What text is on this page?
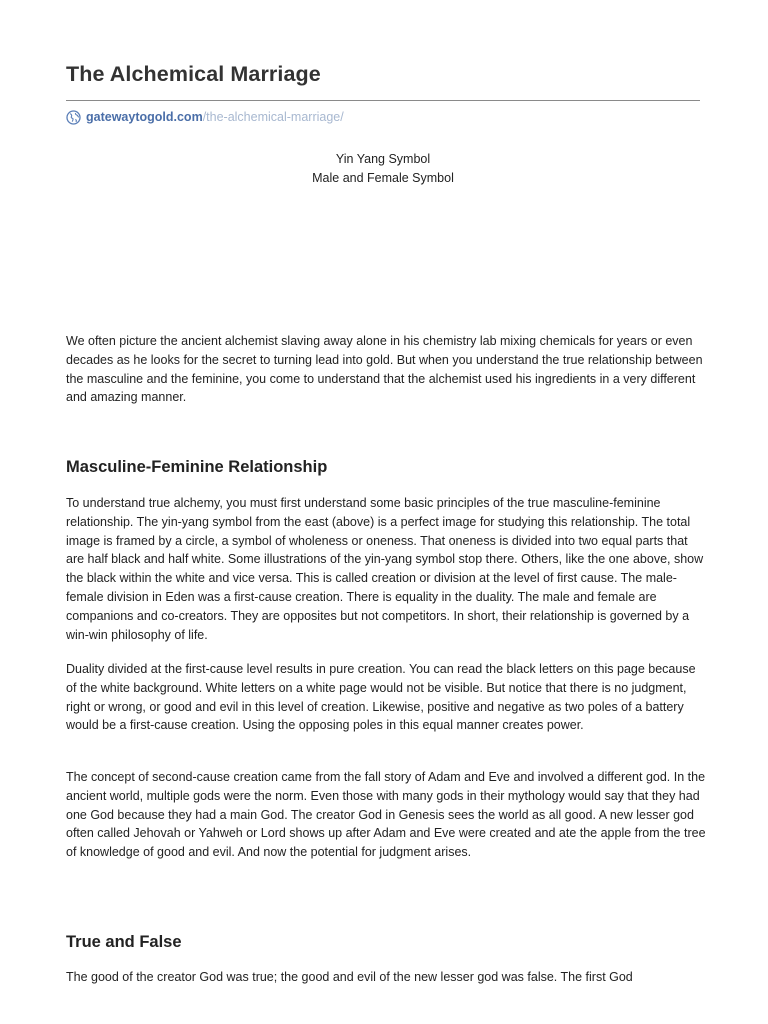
The Alchemical Marriage
gatewaytogold.com /the-alchemical-marriage/
Yin Yang Symbol
Male and Female Symbol

We often picture the ancient alchemist slaving away alone in his chemistry lab mixing chemicals for years or even decades as he looks for the secret to turning lead into gold. But when you understand the true relationship between the masculine and the feminine, you come to understand that the alchemist used his ingredients in a very different and amazing manner.

Masculine-Feminine Relationship

To understand true alchemy, you must first understand some basic principles of the true masculine-feminine relationship. The yin-yang symbol from the east (above) is a perfect image for studying this relationship. The total image is framed by a circle, a symbol of wholeness or oneness. That oneness is divided into two equal parts that are half black and half white. Some illustrations of the yin-yang symbol stop there. Others, like the one above, show the black within the white and vice versa. This is called creation or division at the level of first cause. The male-female division in Eden was a first-cause creation. There is equality in the duality. The male and female are companions and co-creators. They are opposites but not competitors. In short, their relationship is governed by a win-win philosophy of life.

Duality divided at the first-cause level results in pure creation. You can read the black letters on this page because of the white background. White letters on a white page would not be visible. But notice that there is no judgment, right or wrong, or good and evil in this level of creation. Likewise, positive and negative as two poles of a battery would be a first-cause creation. Using the opposing poles in this equal manner creates power.

The concept of second-cause creation came from the fall story of Adam and Eve and involved a different god. In the ancient world, multiple gods were the norm. Even those with many gods in their mythology would say that they had one God because they had a main God. The creator God in Genesis sees the world as all good. A new lesser god often called Jehovah or Yahweh or Lord shows up after Adam and Eve were created and ate the apple from the tree of knowledge of good and evil. And now the potential for judgment arises.

True and False

The good of the creator God was true; the good and evil of the new lesser god was false. The first God
